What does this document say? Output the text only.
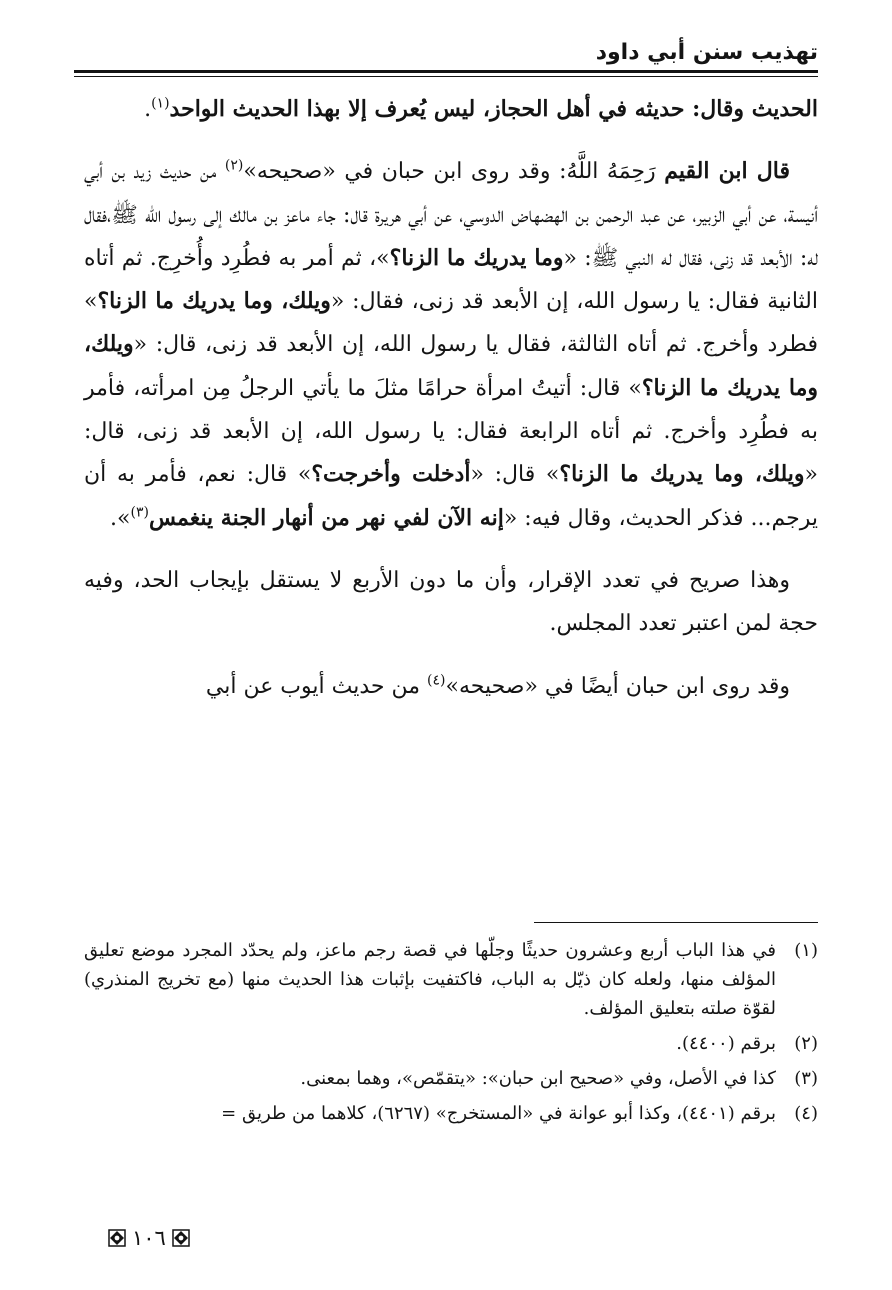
تهذيب سنن أبي داود

الحديث وقال: حديثه في أهل الحجاز، ليس يُعرف إلا بهذا الحديث الواحد$^{(١)}$.

قال ابن القيم رَحِمَهُ اللَّهُ: وقد روى ابن حبان في «صحيحه»$^{(٢)}$ من حديث زيد بن أبي أنيسة، عن أبي الزبير، عن عبد الرحمن بن الهضهاض الدوسي، عن أبي هريرة قال: جاء ماعز بن مالك إلى رسول الله ﷺ،فقال له: الأبعد قد زنى، فقال له النبي ﷺ: «وما يدريك ما الزنا؟»، ثم أمر به فطُرِد وأُخرِج. ثم أتاه الثانية فقال: يا رسول الله، إن الأبعد قد زنى، فقال: «ويلك، وما يدريك ما الزنا؟» فطرد وأخرج. ثم أتاه الثالثة، فقال يا رسول الله، إن الأبعد قد زنى، قال: «ويلك، وما يدريك ما الزنا؟» قال: أتيتُ امرأة حرامًا مثلَ ما يأتي الرجلُ مِن امرأته، فأمر به فطُرِد وأخرج. ثم أتاه الرابعة فقال: يا رسول الله، إن الأبعد قد زنى، قال: «ويلك، وما يدريك ما الزنا؟» قال: «أدخلت وأخرجت؟» قال: نعم، فأمر به أن يرجم... فذكر الحديث، وقال فيه: «إنه الآن لفي نهر من أنهار الجنة ينغمس$^{(٣)}$».

وهذا صريح في تعدد الإقرار، وأن ما دون الأربع لا يستقل بإيجاب الحد، وفيه حجة لمن اعتبر تعدد المجلس.

وقد روى ابن حبان أيضًا في «صحيحه»$^{(٤)}$ من حديث أيوب عن أبي

(١)
في هذا الباب أربع وعشرون حديثًا وجلّها في قصة رجم ماعز، ولم يحدّد المجرد موضع تعليق المؤلف منها، ولعله كان ذيّل به الباب، فاكتفيت بإثبات هذا الحديث منها (مع تخريج المنذري) لقوّة صلته بتعليق المؤلف.
(٢)
برقم (٤٤٠٠).
(٣)
كذا في الأصل، وفي «صحيح ابن حبان»: «يتقمّص»، وهما بمعنى.
(٤)
برقم (٤٤٠١)، وكذا أبو عوانة في «المستخرج» (٦٢٦٧)، كلاهما من طريق =
١٠٦
